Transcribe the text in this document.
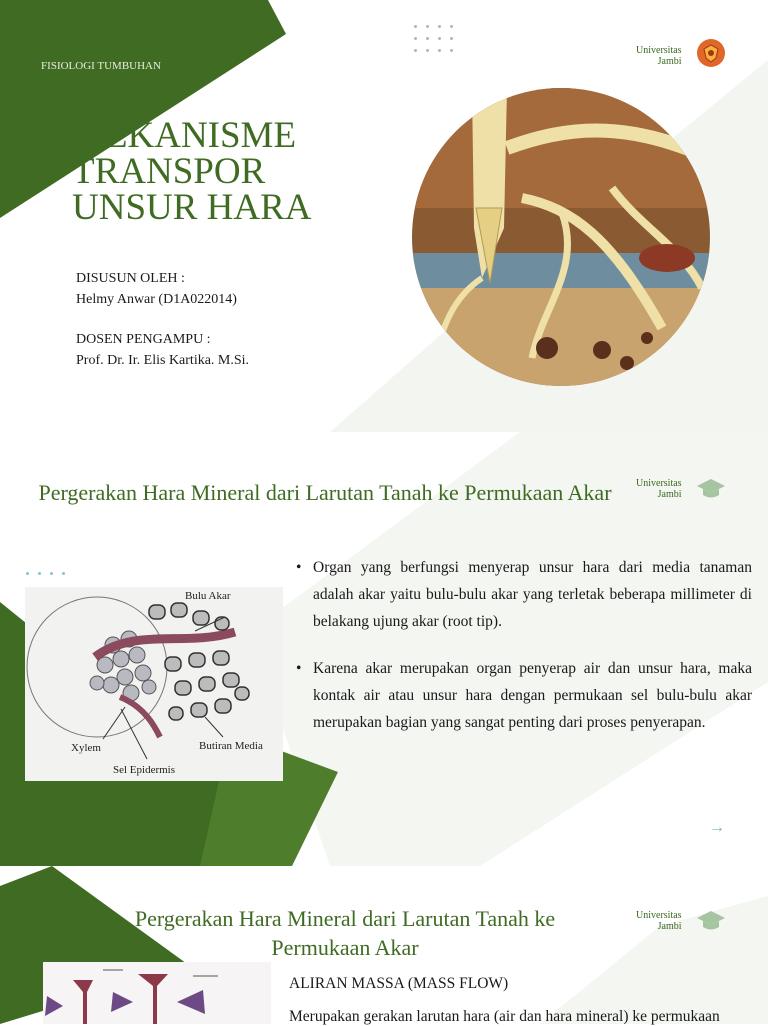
FISIOLOGI TUMBUHAN
Universitas
Jambi
MEKANISME
TRANSPOR
UNSUR HARA
DISUSUN OLEH :
Helmy Anwar (D1A022014)
DOSEN PENGAMPU :
Prof. Dr. Ir. Elis Kartika. M.Si.
Pergerakan Hara Mineral dari Larutan Tanah ke Permukaan Akar	Universitas
Jambi
Bulu Akar
Xylem	Butiran Media
Sel Epidermis
• Organ yang berfungsi menyerap unsur hara dari media tanaman adalah akar yaitu bulu-bulu akar yang terletak beberapa millimeter di belakang ujung akar (root tip).
• Karena akar merupakan organ penyerap air dan unsur hara, maka kontak air atau unsur hara dengan permukaan sel bulu-bulu akar merupakan bagian yang sangat penting dari proses penyerapan.
→
Pergerakan Hara Mineral dari Larutan Tanah ke Permukaan Akar
Universitas
Jambi
ALIRAN MASSA (MASS FLOW)
Merupakan gerakan larutan hara (air dan hara mineral) ke permukaan
